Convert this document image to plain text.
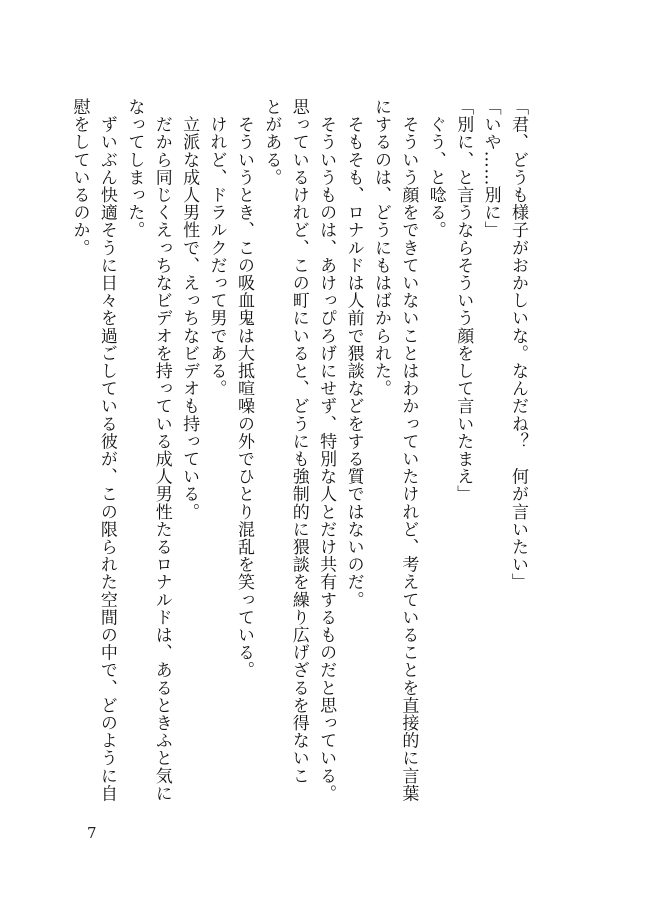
「君、どうも様子がおかしいな。なんだね？　何が言いたい」
「いや……別に」
「別に、と言うならそういう顔をして言いたまえ」
　ぐう、と唸る。
　そういう顔をできていないことはわかっていたけれど、考えていることを直接的に言葉
にするのは、どうにもはばかられた。
　そもそも、ロナルドは人前で猥談などをする質ではないのだ。
　そういうものは、あけっぴろげにせず、特別な人とだけ共有するものだと思っている。
思っているけれど、この町にいると、どうにも強制的に猥談を繰り広げざるを得ないこ
とがある。
　そういうとき、この吸血鬼は大抵喧噪の外でひとり混乱を笑っている。
　けれど、ドラルクだって男である。
　立派な成人男性で、えっちなビデオも持っている。
　だから同じくえっちなビデオを持っている成人男性たるロナルドは、あるときふと気に
なってしまった。
　ずいぶん快適そうに日々を過ごしている彼が、この限られた空間の中で、どのように自
慰をしているのか。
7
